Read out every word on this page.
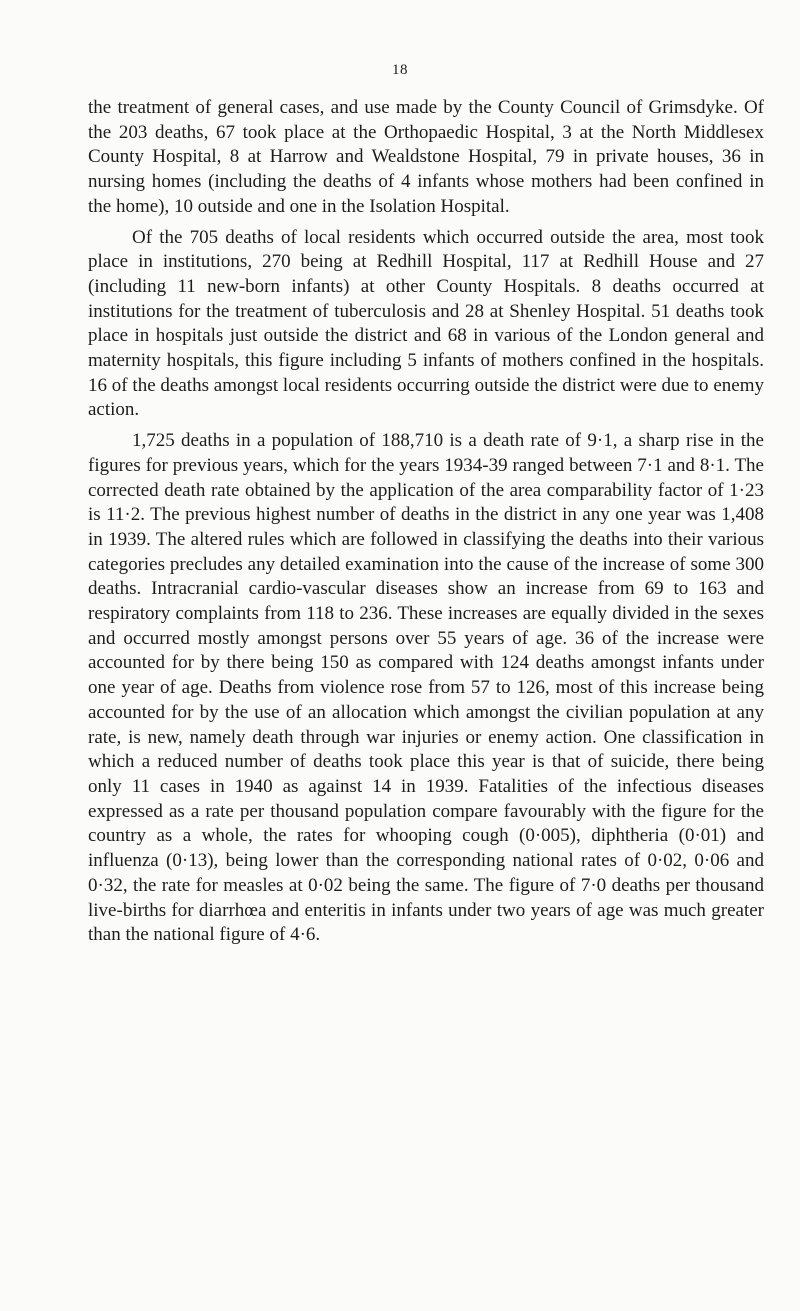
18

the treatment of general cases, and use made by the County Council of Grimsdyke. Of the 203 deaths, 67 took place at the Orthopaedic Hospital, 3 at the North Middlesex County Hospital, 8 at Harrow and Wealdstone Hospital, 79 in private houses, 36 in nursing homes (including the deaths of 4 infants whose mothers had been confined in the home), 10 outside and one in the Isolation Hospital.

Of the 705 deaths of local residents which occurred outside the area, most took place in institutions, 270 being at Redhill Hospital, 117 at Redhill House and 27 (including 11 new-born infants) at other County Hospitals. 8 deaths occurred at institutions for the treatment of tuberculosis and 28 at Shenley Hospital. 51 deaths took place in hospitals just outside the district and 68 in various of the London general and maternity hospitals, this figure including 5 infants of mothers confined in the hospitals. 16 of the deaths amongst local residents occurring outside the district were due to enemy action.

1,725 deaths in a population of 188,710 is a death rate of 9·1, a sharp rise in the figures for previous years, which for the years 1934-39 ranged between 7·1 and 8·1. The corrected death rate obtained by the application of the area comparability factor of 1·23 is 11·2. The previous highest number of deaths in the district in any one year was 1,408 in 1939. The altered rules which are followed in classifying the deaths into their various categories precludes any detailed examination into the cause of the increase of some 300 deaths. Intracranial cardio-vascular diseases show an increase from 69 to 163 and respiratory complaints from 118 to 236. These increases are equally divided in the sexes and occurred mostly amongst persons over 55 years of age. 36 of the increase were accounted for by there being 150 as compared with 124 deaths amongst infants under one year of age. Deaths from violence rose from 57 to 126, most of this increase being accounted for by the use of an allocation which amongst the civilian population at any rate, is new, namely death through war injuries or enemy action. One classification in which a reduced number of deaths took place this year is that of suicide, there being only 11 cases in 1940 as against 14 in 1939. Fatalities of the infectious diseases expressed as a rate per thousand population compare favourably with the figure for the country as a whole, the rates for whooping cough (0·005), diphtheria (0·01) and influenza (0·13), being lower than the corresponding national rates of 0·02, 0·06 and 0·32, the rate for measles at 0·02 being the same. The figure of 7·0 deaths per thousand live-births for diarrhœa and enteritis in infants under two years of age was much greater than the national figure of 4·6.
